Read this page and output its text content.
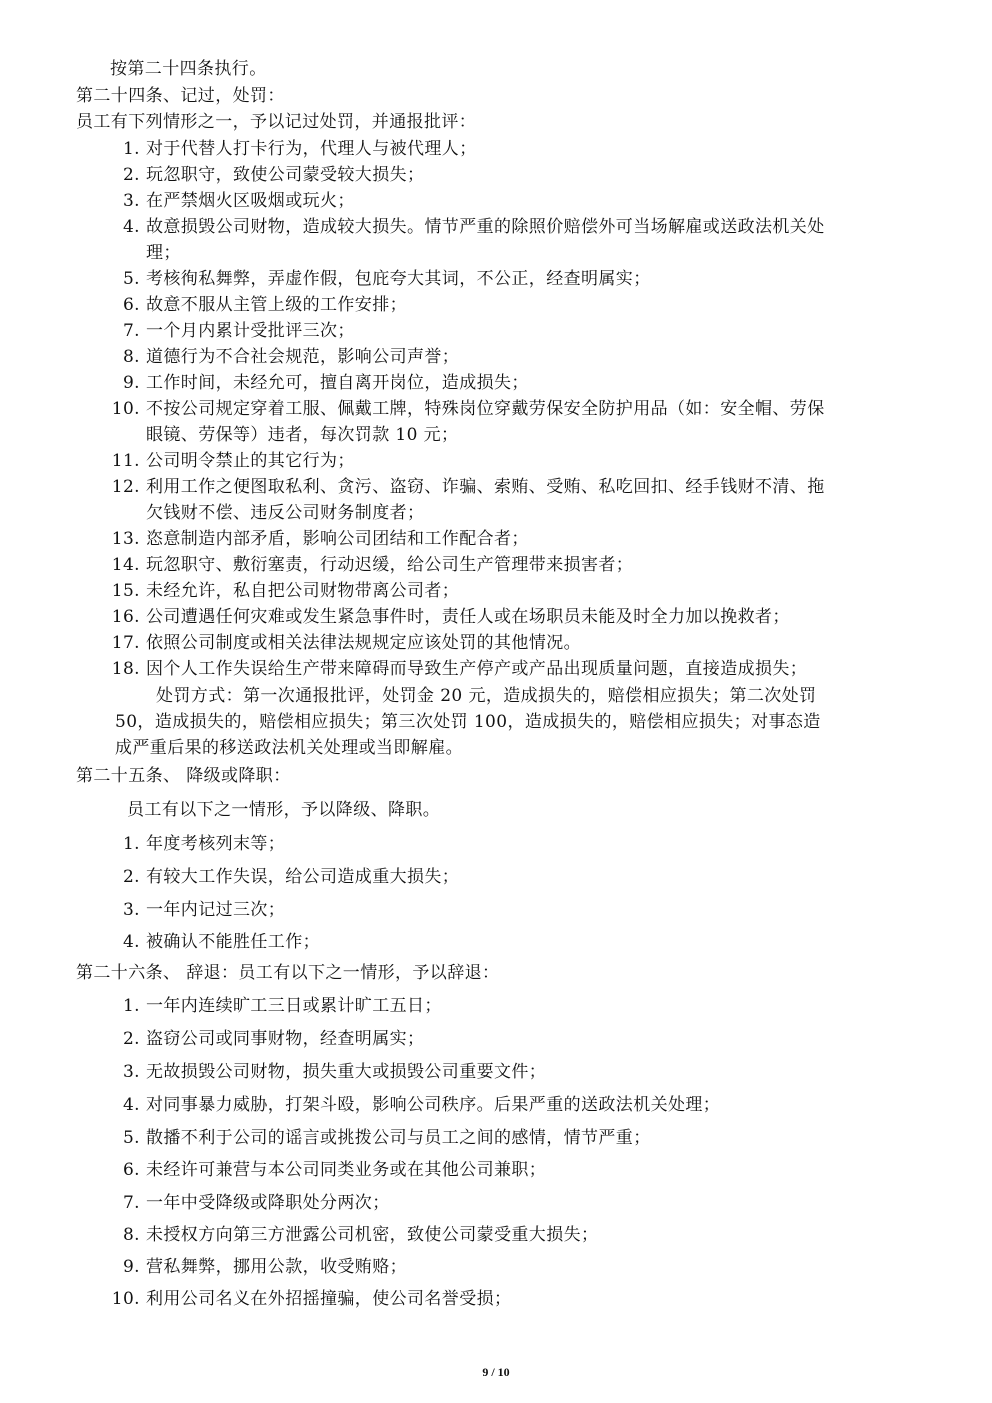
按第二十四条执行。
第二十四条、记过，处罚：
员工有下列情形之一，予以记过处罚，并通报批评：
1. 对于代替人打卡行为，代理人与被代理人；
2. 玩忽职守，致使公司蒙受较大损失；
3. 在严禁烟火区吸烟或玩火；
4. 故意损毁公司财物，造成较大损失。情节严重的除照价赔偿外可当场解雇或送政法机关处
理；
5. 考核徇私舞弊，弄虚作假，包庇夸大其词，不公正，经查明属实；
6. 故意不服从主管上级的工作安排；
7. 一个月内累计受批评三次；
8. 道德行为不合社会规范，影响公司声誉；
9. 工作时间，未经允可，擅自离开岗位，造成损失；
10. 不按公司规定穿着工服、佩戴工牌，特殊岗位穿戴劳保安全防护用品（如：安全帽、劳保
眼镜、劳保等）违者，每次罚款 10 元；
11. 公司明令禁止的其它行为；
12. 利用工作之便图取私利、贪污、盗窃、诈骗、索贿、受贿、私吃回扣、经手钱财不清、拖
欠钱财不偿、违反公司财务制度者；
13. 恣意制造内部矛盾，影响公司团结和工作配合者；
14. 玩忽职守、敷衍塞责，行动迟缓，给公司生产管理带来损害者；
15. 未经允许，私自把公司财物带离公司者；
16. 公司遭遇任何灾难或发生紧急事件时，责任人或在场职员未能及时全力加以挽救者；
17. 依照公司制度或相关法律法规规定应该处罚的其他情况。
18. 因个人工作失误给生产带来障碍而导致生产停产或产品出现质量问题，直接造成损失；
处罚方式：第一次通报批评，处罚金 20 元，造成损失的，赔偿相应损失；第二次处罚
50，造成损失的，赔偿相应损失；第三次处罚 100，造成损失的，赔偿相应损失；对事态造
成严重后果的移送政法机关处理或当即解雇。
第二十五条、 降级或降职：
员工有以下之一情形，予以降级、降职。
1. 年度考核列末等；
2. 有较大工作失误，给公司造成重大损失；
3. 一年内记过三次；
4. 被确认不能胜任工作；
第二十六条、 辞退：员工有以下之一情形，予以辞退：
1. 一年内连续旷工三日或累计旷工五日；
2. 盗窃公司或同事财物，经查明属实；
3. 无故损毁公司财物，损失重大或损毁公司重要文件；
4. 对同事暴力威胁，打架斗殴，影响公司秩序。后果严重的送政法机关处理；
5. 散播不利于公司的谣言或挑拨公司与员工之间的感情，情节严重；
6. 未经许可兼营与本公司同类业务或在其他公司兼职；
7. 一年中受降级或降职处分两次；
8. 未授权方向第三方泄露公司机密，致使公司蒙受重大损失；
9. 营私舞弊，挪用公款，收受贿赂；
10. 利用公司名义在外招摇撞骗，使公司名誉受损；
9 / 10
